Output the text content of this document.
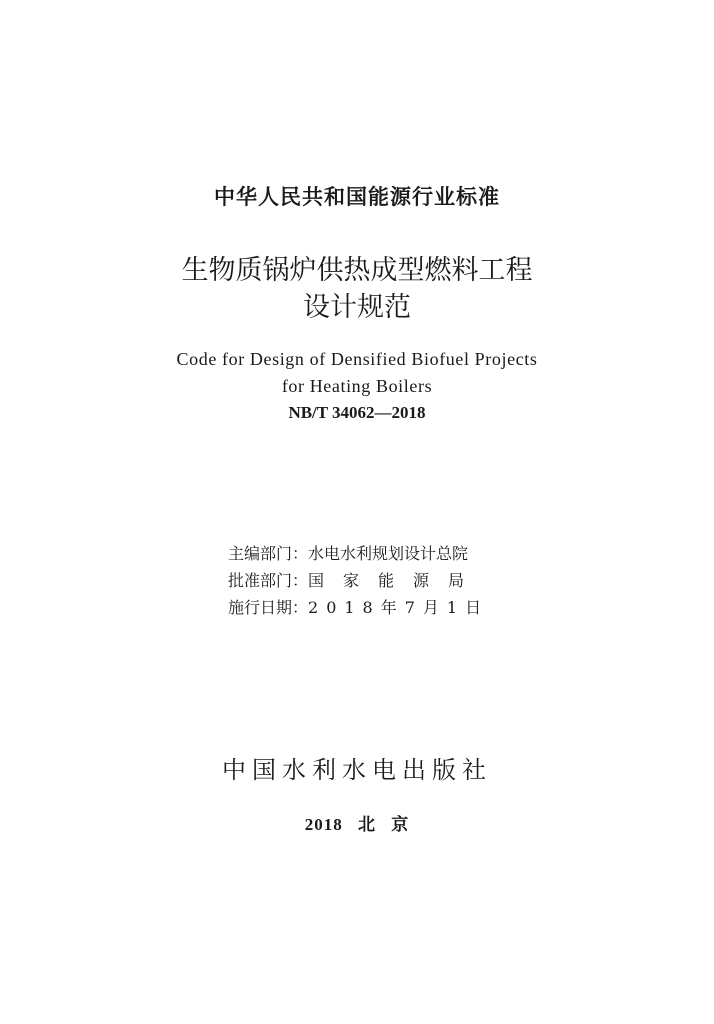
中华人民共和国能源行业标准
生物质锅炉供热成型燃料工程
设计规范
Code for Design of Densified Biofuel Projects
for Heating Boilers
NB/T 34062—2018
主编部门：水电水利规划设计总院
批准部门：国家能源局
施行日期：2018年7月1日
中国水利水电出版社
2018 北 京
